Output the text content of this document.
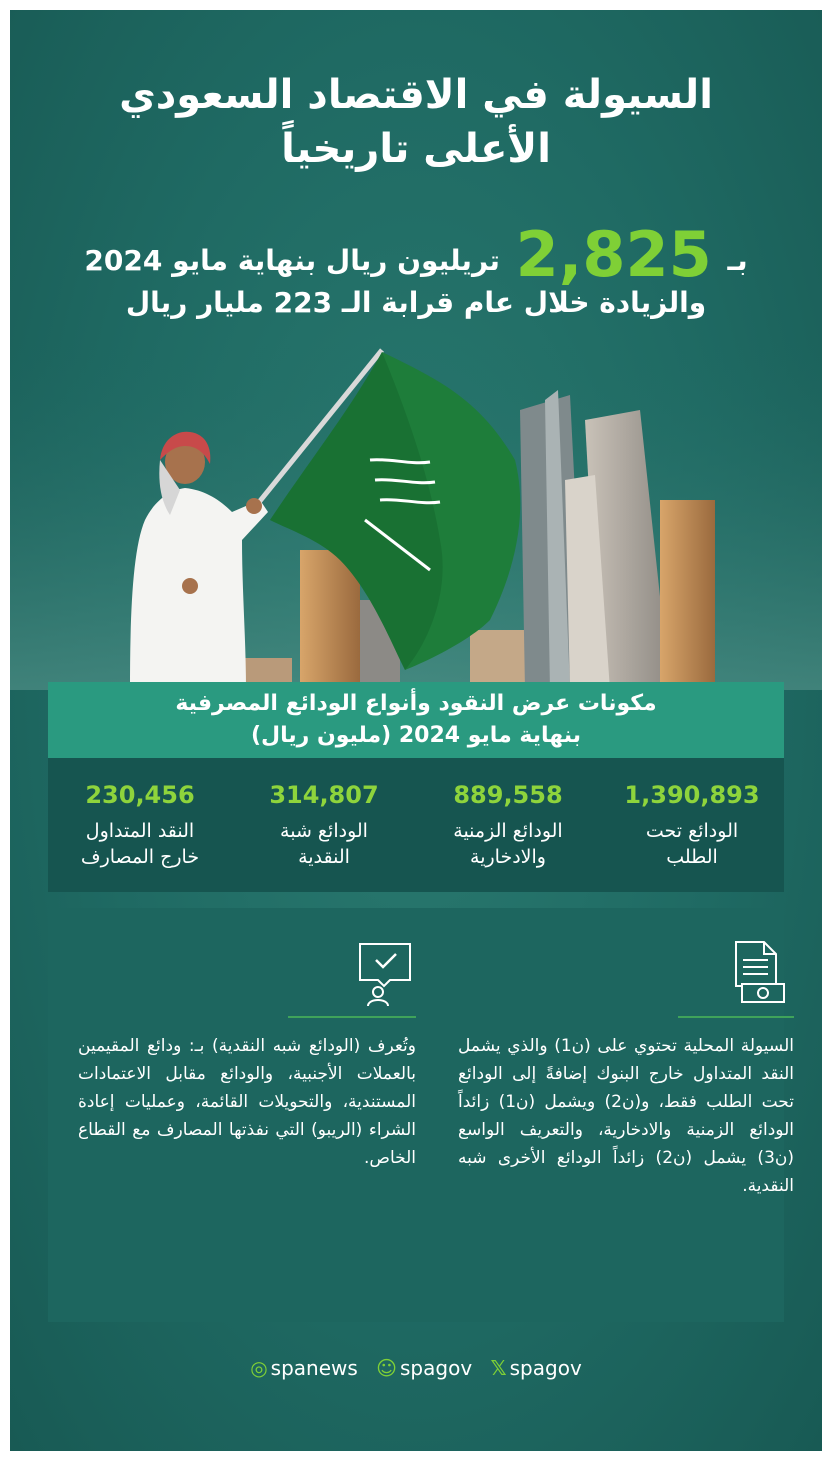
السيولة في الاقتصاد السعودي
الأعلى تاريخياً
بـ 2,825 تريليون ريال بنهاية مايو 2024
والزيادة خلال عام قرابة الـ 223 مليار ريال
مكونات عرض النقود وأنواع الودائع المصرفية
بنهاية مايو 2024 (مليون ريال)
1,390,893
الودائع تحت الطلب
889,558
الودائع الزمنية والادخارية
314,807
الودائع شبة النقدية
230,456
النقد المتداول خارج المصارف
السيولة المحلية تحتوي على (ن1) والذي يشمل النقد المتداول خارج البنوك إضافةً إلى الودائع تحت الطلب فقط، و(ن2) ويشمل (ن1) زائداً الودائع الزمنية والادخارية، والتعريف الواسع (ن3) يشمل (ن2) زائداً الودائع الأخرى شبه النقدية.
وتُعرف (الودائع شبه النقدية) بـ: ودائع المقيمين بالعملات الأجنبية، والودائع مقابل الاعتمادات المستندية، والتحويلات القائمة، وعمليات إعادة الشراء (الريبو) التي نفذتها المصارف مع القطاع الخاص.
◎ spanews ☺ spagov 𝕏 spagov
